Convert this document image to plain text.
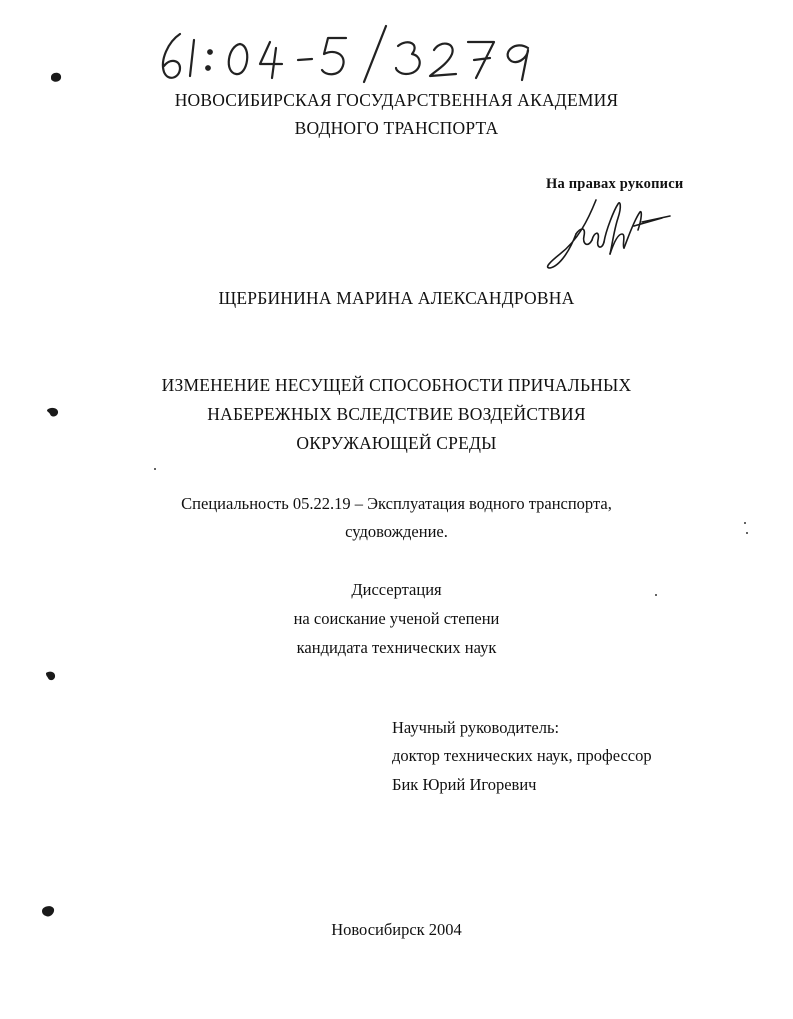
НОВОСИБИРСКАЯ ГОСУДАРСТВЕННАЯ АКАДЕМИЯ
ВОДНОГО ТРАНСПОРТА
На правах рукописи
ЩЕРБИНИНА МАРИНА АЛЕКСАНДРОВНА
ИЗМЕНЕНИЕ НЕСУЩЕЙ СПОСОБНОСТИ ПРИЧАЛЬНЫХ
НАБЕРЕЖНЫХ ВСЛЕДСТВИЕ ВОЗДЕЙСТВИЯ
ОКРУЖАЮЩЕЙ СРЕДЫ
Специальность 05.22.19 – Эксплуатация водного транспорта,
судовождение.
Диссертация
на соискание ученой степени
кандидата технических наук
Научный руководитель:
доктор технических наук, профессор
Бик Юрий Игоревич
Новосибирск 2004
